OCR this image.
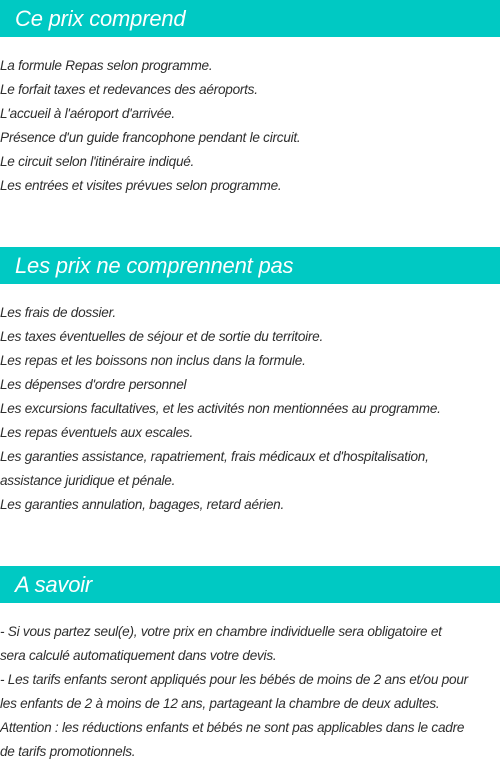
Ce prix comprend
La formule Repas selon programme.
Le forfait taxes et redevances des aéroports.
L'accueil à l'aéroport d'arrivée.
Présence d'un guide francophone pendant le circuit.
Le circuit selon l'itinéraire indiqué.
Les entrées et visites prévues selon programme.
Les prix ne comprennent pas
Les frais de dossier.
Les taxes éventuelles de séjour et de sortie du territoire.
Les repas et les boissons non inclus dans la formule.
Les dépenses d'ordre personnel
Les excursions facultatives, et les activités non mentionnées au programme.
Les repas éventuels aux escales.
Les garanties assistance, rapatriement, frais médicaux et d'hospitalisation,
assistance juridique et pénale.
Les garanties annulation, bagages, retard aérien.
A savoir
- Si vous partez seul(e), votre prix en chambre individuelle sera obligatoire et
sera calculé automatiquement dans votre devis.
- Les tarifs enfants seront appliqués pour les bébés de moins de 2 ans et/ou pour
les enfants de 2 à moins de 12 ans, partageant la chambre de deux adultes.
Attention : les réductions enfants et bébés ne sont pas applicables dans le cadre
de tarifs promotionnels.
